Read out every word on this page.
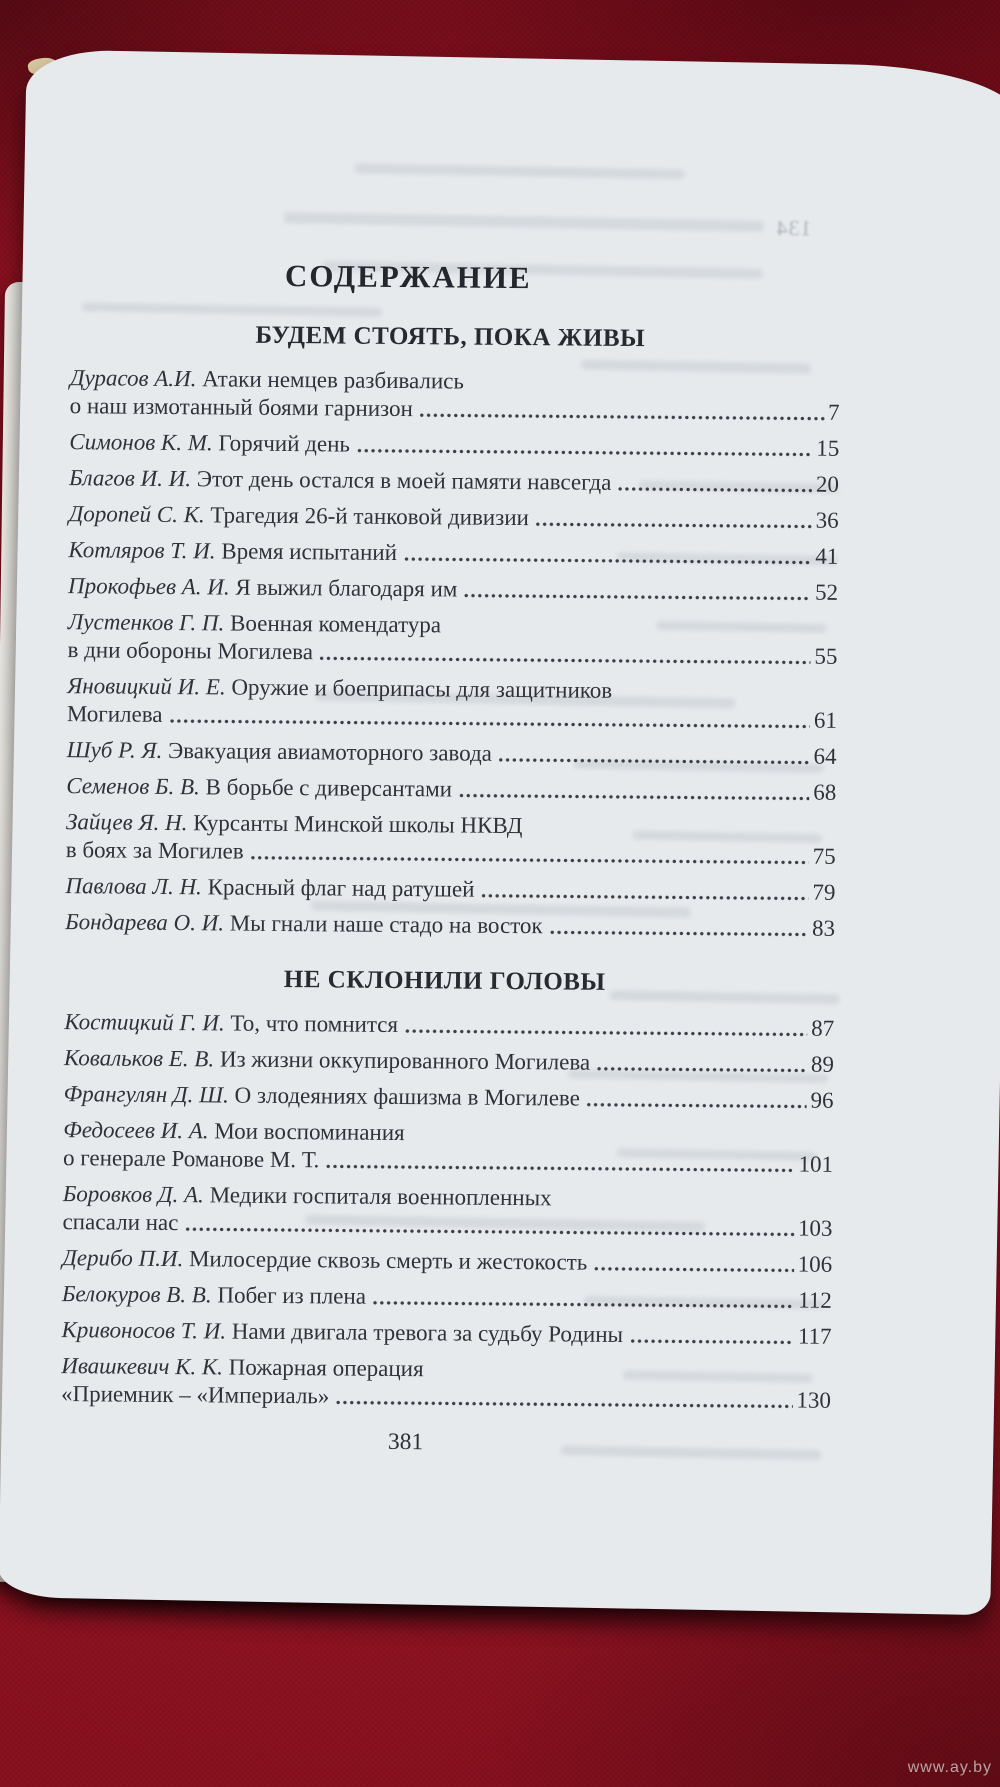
134
СОДЕРЖАНИЕ
БУДЕМ СТОЯТЬ, ПОКА ЖИВЫ
Дурасов А.И. Атаки немцев разбивались
о наш измотанный боями гарнизон	7
Симонов К. М. Горячий день	15
Благов И. И. Этот день остался в моей памяти навсегда	20
Доропей С. К. Трагедия 26-й танковой дивизии	36
Котляров Т. И. Время испытаний	41
Прокофьев А. И. Я выжил благодаря им	52
Лустенков Г. П. Военная комендатура
в дни обороны Могилева	55
Яновицкий И. Е. Оружие и боеприпасы для защитников
Могилева	61
Шуб Р. Я. Эвакуация авиамоторного завода	64
Семенов Б. В. В борьбе с диверсантами	68
Зайцев Я. Н. Курсанты Минской школы НКВД
в боях за Могилев	75
Павлова Л. Н. Красный флаг над ратушей	79
Бондарева О. И. Мы гнали наше стадо на восток	83
НЕ СКЛОНИЛИ ГОЛОВЫ
Костицкий Г. И. То, что помнится	87
Ковальков Е. В. Из жизни оккупированного Могилева	89
Франгулян Д. Ш. О злодеяниях фашизма в Могилеве	96
Федосеев И. А. Мои воспоминания
о генерале Романове М. Т.	101
Боровков Д. А. Медики госпиталя военнопленных
спасали нас	103
Дерибо П.И. Милосердие сквозь смерть и жестокость	106
Белокуров В. В. Побег из плена	112
Кривоносов Т. И. Нами двигала тревога за судьбу Родины	117
Ивашкевич К. К. Пожарная операция
«Приемник – «Империаль»	130
381
www.ay.by
